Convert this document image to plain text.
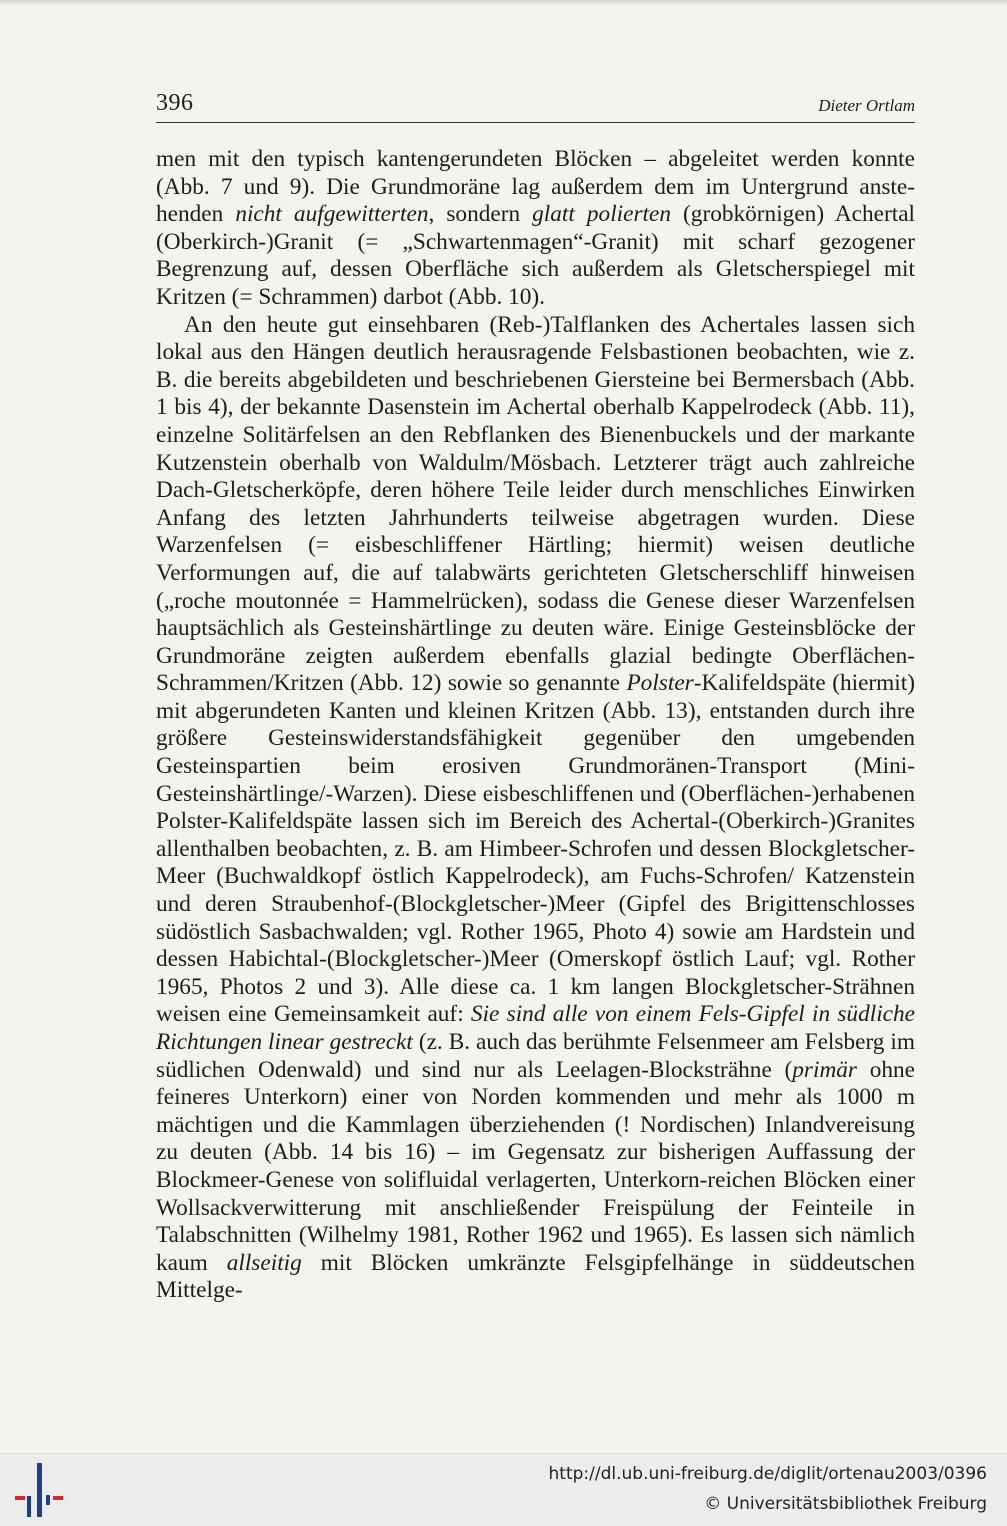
396	Dieter Ortlam

men mit den typisch kantengerundeten Blöcken – abgeleitet werden konnte (Abb. 7 und 9). Die Grundmoräne lag außerdem dem im Untergrund anstehenden nicht aufgewitterten, sondern glatt polierten (grobkörnigen) Achertal (Oberkirch-)Granit (= „Schwartenmagen“-Granit) mit scharf gezogener Begrenzung auf, dessen Oberfläche sich außerdem als Gletscherspiegel mit Kritzen (= Schrammen) darbot (Abb. 10).

An den heute gut einsehbaren (Reb-)Talflanken des Achertales lassen sich lokal aus den Hängen deutlich herausragende Felsbastionen beobachten, wie z. B. die bereits abgebildeten und beschriebenen Giersteine bei Bermersbach (Abb. 1 bis 4), der bekannte Dasenstein im Achertal oberhalb Kappelrodeck (Abb. 11), einzelne Solitärfelsen an den Rebflanken des Bienenbuckels und der markante Kutzenstein oberhalb von Waldulm/Mösbach. Letzterer trägt auch zahlreiche Dach-Gletscherköpfe, deren höhere Teile leider durch menschliches Einwirken Anfang des letzten Jahrhunderts teilweise abgetragen wurden. Diese Warzenfelsen (= eisbeschliffener Härtling; hiermit) weisen deutliche Verformungen auf, die auf talabwärts gerichteten Gletscherschliff hinweisen („roche moutonnée = Hammelrücken), sodass die Genese dieser Warzenfelsen hauptsächlich als Gesteinshärtlinge zu deuten wäre. Einige Gesteinsblöcke der Grundmoräne zeigten außerdem ebenfalls glazial bedingte Oberflächen-Schrammen/Kritzen (Abb. 12) sowie so genannte Polster-Kalifeldspäte (hiermit) mit abgerundeten Kanten und kleinen Kritzen (Abb. 13), entstanden durch ihre größere Gesteinswiderstandsfähigkeit gegenüber den umgebenden Gesteinspartien beim erosiven Grundmoränen-Transport (Mini-Gesteinshärtlinge/-Warzen). Diese eisbeschliffenen und (Oberflächen-)erhabenen Polster-Kalifeldspäte lassen sich im Bereich des Achertal-(Oberkirch-)Granites allenthalben beobachten, z. B. am Himbeer-Schrofen und dessen Blockgletscher-Meer (Buchwaldkopf östlich Kappelrodeck), am Fuchs-Schrofen/ Katzenstein und deren Straubenhof-(Blockgletscher-)Meer (Gipfel des Brigittenschlosses südöstlich Sasbachwalden; vgl. Rother 1965, Photo 4) sowie am Hardstein und dessen Habichtal-(Blockgletscher-)Meer (Omerskopf östlich Lauf; vgl. Rother 1965, Photos 2 und 3). Alle diese ca. 1 km langen Blockgletscher-Strähnen weisen eine Gemeinsamkeit auf: Sie sind alle von einem Fels-Gipfel in südliche Richtungen linear gestreckt (z. B. auch das berühmte Felsenmeer am Felsberg im südlichen Odenwald) und sind nur als Leelagen-Blocksträhne (primär ohne feineres Unterkorn) einer von Norden kommenden und mehr als 1000 m mächtigen und die Kammlagen überziehenden (! Nordischen) Inlandvereisung zu deuten (Abb. 14 bis 16) – im Gegensatz zur bisherigen Auffassung der Blockmeer-Genese von solifluidal verlagerten, Unterkorn-reichen Blöcken einer Wollsackverwitterung mit anschließender Freispülung der Feinteile in Talabschnitten (Wilhelmy 1981, Rother 1962 und 1965). Es lassen sich nämlich kaum allseitig mit Blöcken umkränzte Felsgipfelhänge in süddeutschen Mittelge-

http://dl.ub.uni-freiburg.de/diglit/ortenau2003/0396
© Universitätsbibliothek Freiburg
